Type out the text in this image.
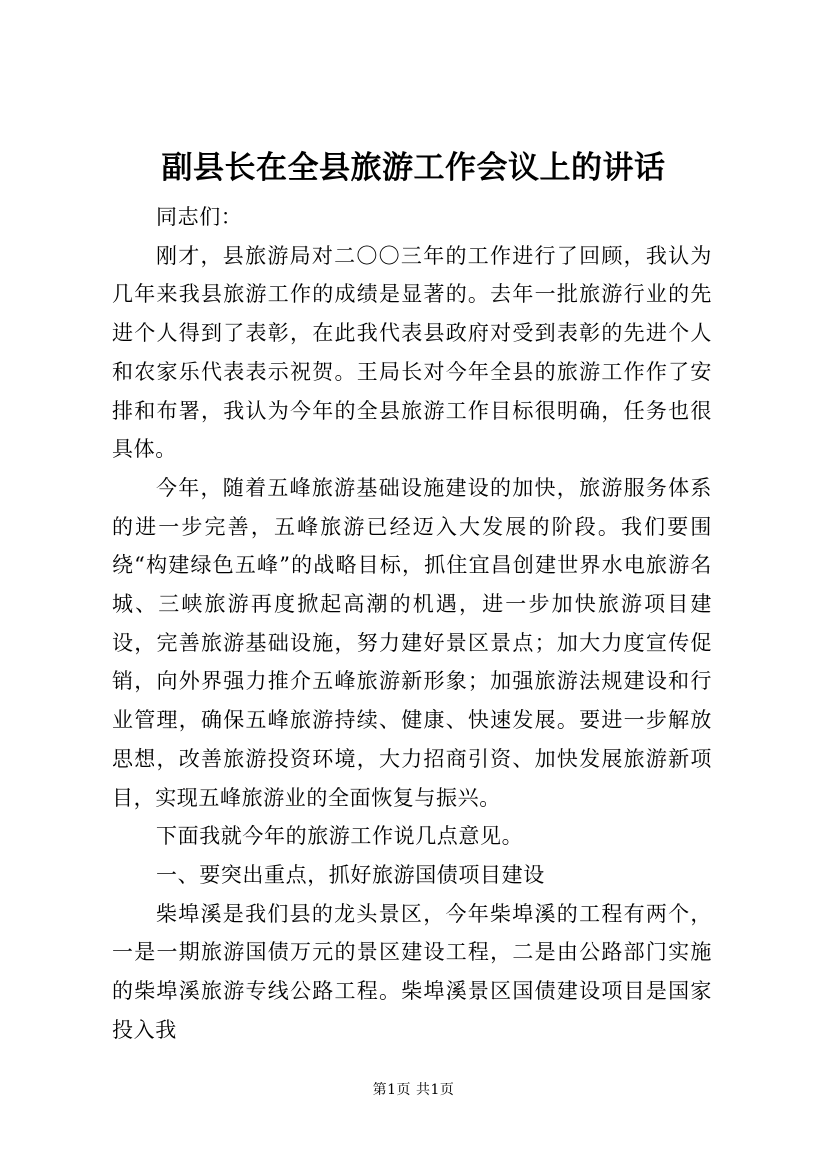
副县长在全县旅游工作会议上的讲话

同志们：

刚才，县旅游局对二〇〇三年的工作进行了回顾，我认为几年来我县旅游工作的成绩是显著的。去年一批旅游行业的先进个人得到了表彰，在此我代表县政府对受到表彰的先进个人和农家乐代表表示祝贺。王局长对今年全县的旅游工作作了安排和布署，我认为今年的全县旅游工作目标很明确，任务也很具体。

今年，随着五峰旅游基础设施建设的加快，旅游服务体系的进一步完善，五峰旅游已经迈入大发展的阶段。我们要围绕“构建绿色五峰”的战略目标，抓住宜昌创建世界水电旅游名城、三峡旅游再度掀起高潮的机遇，进一步加快旅游项目建设，完善旅游基础设施，努力建好景区景点；加大力度宣传促销，向外界强力推介五峰旅游新形象；加强旅游法规建设和行业管理，确保五峰旅游持续、健康、快速发展。要进一步解放思想，改善旅游投资环境，大力招商引资、加快发展旅游新项目，实现五峰旅游业的全面恢复与振兴。

下面我就今年的旅游工作说几点意见。

一、要突出重点，抓好旅游国债项目建设

柴埠溪是我们县的龙头景区，今年柴埠溪的工程有两个，一是一期旅游国债万元的景区建设工程，二是由公路部门实施的柴埠溪旅游专线公路工程。柴埠溪景区国债建设项目是国家投入我

第1页 共1页
